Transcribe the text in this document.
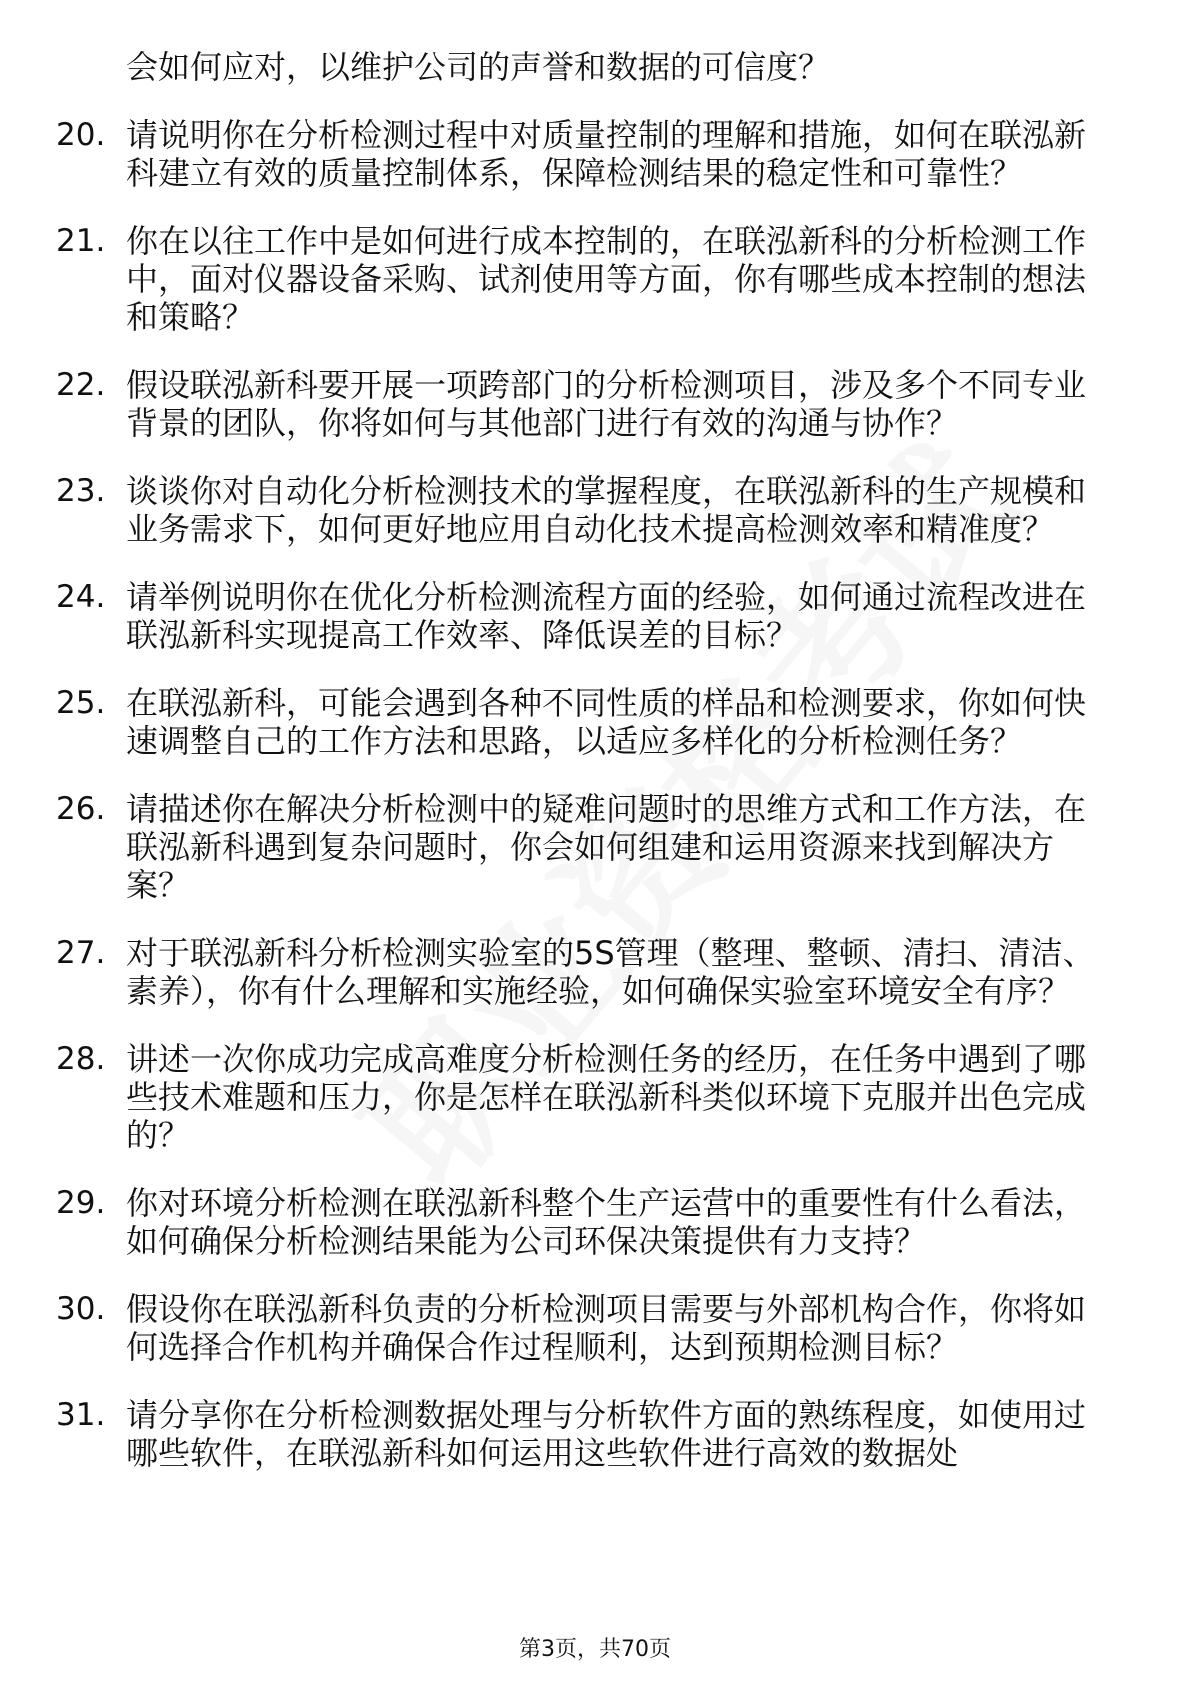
会如何应对，以维护公司的声誉和数据的可信度？

20. 请说明你在分析检测过程中对质量控制的理解和措施，如何在联泓新科建立有效的质量控制体系，保障检测结果的稳定性和可靠性？
21. 你在以往工作中是如何进行成本控制的，在联泓新科的分析检测工作中，面对仪器设备采购、试剂使用等方面，你有哪些成本控制的想法和策略？
22. 假设联泓新科要开展一项跨部门的分析检测项目，涉及多个不同专业背景的团队，你将如何与其他部门进行有效的沟通与协作？
23. 谈谈你对自动化分析检测技术的掌握程度，在联泓新科的生产规模和业务需求下，如何更好地应用自动化技术提高检测效率和精准度？
24. 请举例说明你在优化分析检测流程方面的经验，如何通过流程改进在联泓新科实现提高工作效率、降低误差的目标？
25. 在联泓新科，可能会遇到各种不同性质的样品和检测要求，你如何快速调整自己的工作方法和思路，以适应多样化的分析检测任务？
26. 请描述你在解决分析检测中的疑难问题时的思维方式和工作方法，在联泓新科遇到复杂问题时，你会如何组建和运用资源来找到解决方案？
27. 对于联泓新科分析检测实验室的5S管理（整理、整顿、清扫、清洁、素养），你有什么理解和实施经验，如何确保实验室环境安全有序？
28. 讲述一次你成功完成高难度分析检测任务的经历，在任务中遇到了哪些技术难题和压力，你是怎样在联泓新科类似环境下克服并出色完成的？
29. 你对环境分析检测在联泓新科整个生产运营中的重要性有什么看法，如何确保分析检测结果能为公司环保决策提供有力支持？
30. 假设你在联泓新科负责的分析检测项目需要与外部机构合作，你将如何选择合作机构并确保合作过程顺利，达到预期检测目标？
31. 请分享你在分析检测数据处理与分析软件方面的熟练程度，如使用过哪些软件，在联泓新科如何运用这些软件进行高效的数据处
第3页，共70页
